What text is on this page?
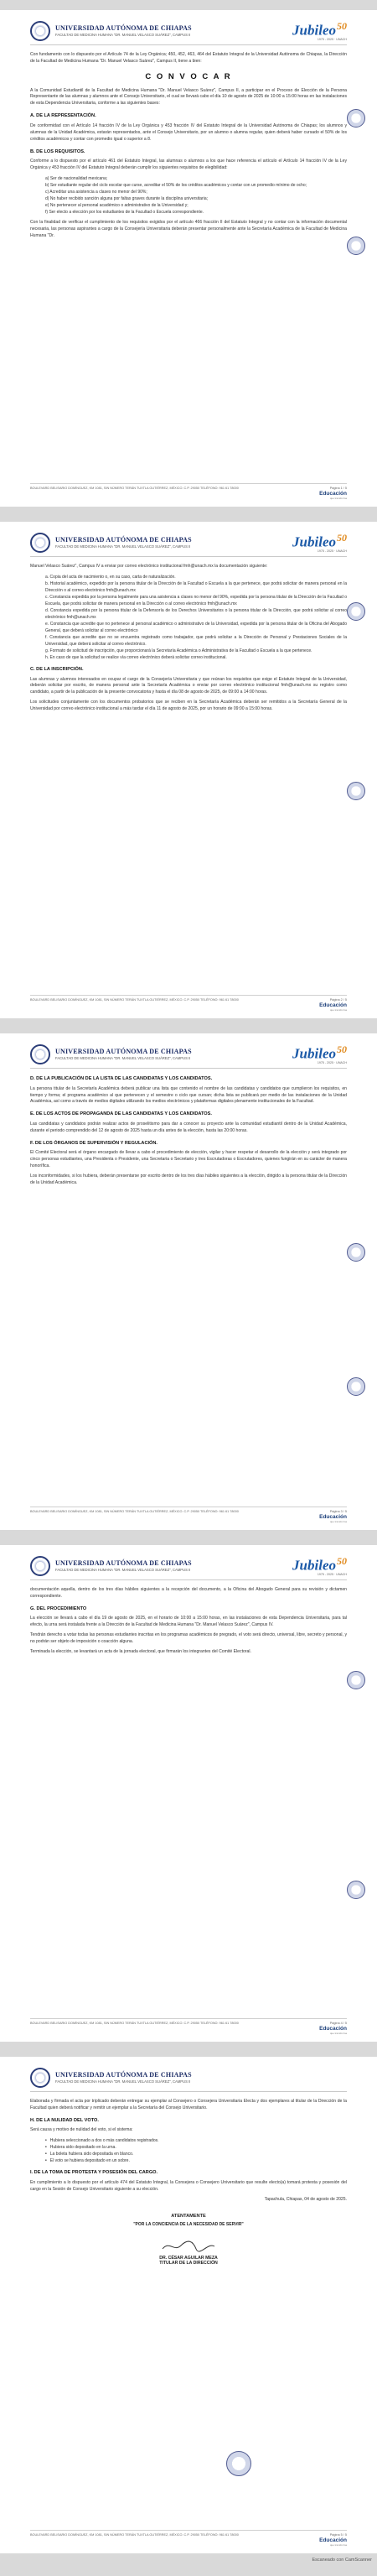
UNIVERSIDAD AUTÓNOMA DE CHIAPAS
FACULTAD DE MEDICINA HUMANA "DR. MANUEL VELASCO SUÁREZ", CAMPUS II	Jubileo$^{50}$
1975 - 2025 · UNACH

Con fundamento con lo dispuesto por el Artículo 74 de la Ley Orgánica; 450, 452, 463, 464 del Estatuto Integral de la Universidad Autónoma de Chiapas, la Dirección de la Facultad de Medicina Humana "Dr. Manuel Velasco Suárez", Campus II, tiene a bien:

C O N V O C A R

A la Comunidad Estudiantil de la Facultad de Medicina Humana "Dr. Manuel Velasco Suárez", Campus II, a participar en el Proceso de Elección de la Persona Representante de las alumnas y alumnos ante el Consejo Universitario, el cual se llevará cabo el día 10 de agosto de 2025 de 10:00 a 15:00 horas en las instalaciones de esta Dependencia Universitaria, conforme a las siguientes bases:

A. DE LA REPRESENTACIÓN.

De conformidad con el Artículo 14 fracción IV de la Ley Orgánica y 453 fracción IV del Estatuto Integral de la Universidad Autónoma de Chiapas; los alumnos y alumnas de la Unidad Académica, estarán representados, ante el Consejo Universitario, por un alumno o alumna regular, quien deberá haber cursado el 50% de los créditos académicos y contar con promedio igual o superior a 8.

B. DE LOS REQUISITOS.

Conforme a lo dispuesto por el artículo 461 del Estatuto Integral, las alumnas o alumnos a los que hace referencia el artículo el Artículo 14 fracción IV de la Ley Orgánica y 453 fracción IV del Estatuto Integral deberán cumplir los siguientes requisitos de elegibilidad:

a) Ser de nacionalidad mexicana;
b) Ser estudiante regular del ciclo escolar que curse, acreditar el 50% de los créditos académicos y contar con un promedio mínimo de ocho;
c) Acreditar una asistencia a clases no menor del 90%;
d) No haber recibido sanción alguna por faltas graves durante la disciplina universitaria;
e) No pertenecer al personal académico o administrativo de la Universidad y;
f) Ser electo a elección por los estudiantes de la Facultad o Escuela correspondiente.

Con la finalidad de verificar el cumplimiento de los requisitos exigidos por el artículo 466 fracción II del Estatuto Integral y no contar con la información documental necesaria, las personas aspirantes a cargo de la Consejería Universitaria deberán presentar personalmente ante la Secretaría Académica de la Facultad de Medicina Humana "Dr.

BOULEVARD BELISARIO DOMÍNGUEZ, KM 1081, SIN NÚMERO TERÁN TUXTLA GUTIÉRREZ, MÉXICO. C.P. 29050 TELÉFONO: 961 61 78000	Página 1 / 5
Educación
que transforma
UNIVERSIDAD AUTÓNOMA DE CHIAPAS
FACULTAD DE MEDICINA HUMANA "DR. MANUEL VELASCO SUÁREZ", CAMPUS II	Jubileo$^{50}$
1975 - 2025 · UNACH

Manuel Velasco Suárez", Campus IV a enviar por correo electrónico institucional fmh@unach.mx la documentación siguiente:

a. Copia del acta de nacimiento o, en su caso, carta de naturalización.
b. Historial académico, expedido por la persona titular de la Dirección de la Facultad o Escuela a la que pertenece, que podrá solicitar de manera personal en la Dirección o al correo electrónico fmh@unach.mx
c. Constancia expedida por la persona legalmente para una asistencia a clases no menor del 90%, expedida por la persona titular de la Dirección de la Facultad o Escuela, que podrá solicitar de manera personal en la Dirección o al correo electrónico fmh@unach.mx
d. Constancia expedida por la persona titular de la Defensoría de los Derechos Universitarios o la persona titular de la Dirección, que podrá solicitar al correo electrónico fmh@unach.mx
e. Constancia que acredite que no pertenece al personal académico o administrativo de la Universidad, expedida por la persona titular de la Oficina del Abogado General, que deberá solicitar al correo electrónico
f. Constancia que acredite que no se encuentra registrado como trabajador, que podrá solicitar a la Dirección de Personal y Prestaciones Sociales de la Universidad, que deberá solicitar al correo electrónico.
g. Formato de solicitud de inscripción, que proporcionará la Secretaría Académica o Administrativa de la Facultad o Escuela a la que pertenece.
h. En caso de que la solicitud se realice vía correo electrónico deberá solicitar correo institucional.
C. DE LA INSCRIPCIÓN.

Las alumnas y alumnos interesados en ocupar el cargo de la Consejería Universitaria y que reúnan los requisitos que exige el Estatuto Integral de la Universidad, deberán solicitar por escrito, de manera personal ante la Secretaría Académica o enviar por correo electrónico institucional fmh@unach.mx su registro como candidato, a partir de la publicación de la presente convocatoria y hasta el día 08 de agosto de 2025, de 09:00 a 14:00 horas.

Los solicitudes conjuntamente con los documentos probatorios que se reciben en la Secretaría Académica deberán ser remitidos a la Secretaría General de la Universidad por correo electrónico institucional a más tardar el día 11 de agosto de 2025, por un horario de 09:00 a 15:00 horas.

BOULEVARD BELISARIO DOMÍNGUEZ, KM 1081, SIN NÚMERO TERÁN TUXTLA GUTIÉRREZ, MÉXICO. C.P. 29050 TELÉFONO: 961 61 78000	Página 2 / 5
Educación
que transforma
UNIVERSIDAD AUTÓNOMA DE CHIAPAS
FACULTAD DE MEDICINA HUMANA "DR. MANUEL VELASCO SUÁREZ", CAMPUS II	Jubileo$^{50}$
1975 - 2025 · UNACH
D. DE LA PUBLICACIÓN DE LA LISTA DE LAS CANDIDATAS Y LOS CANDIDATOS.

La persona titular de la Secretaría Académica deberá publicar una lista que contenido el nombre de las candidatas y candidatos que cumplieron los requisitos, en tiempo y forma; el programa académico al que pertenecen y el semestre o ciclo que cursan; dicha lista se publicará por medio de las instalaciones de la Unidad Académica, así como a través de medios digitales utilizando los medios electrónicos y plataformas digitales plenamente institucionales de la Facultad.

E. DE LOS ACTOS DE PROPAGANDA DE LAS CANDIDATAS Y LOS CANDIDATOS.

Las candidatas y candidatos podrán realizar actos de proselitismo para dar a conocer su proyecto ante la comunidad estudiantil dentro de la Unidad Académica, durante el periodo comprendido del 12 de agosto de 2025 hasta un día antes de la elección, hasta las 20:00 horas.

F. DE LOS ÓRGANOS DE SUPERVISIÓN Y REGULACIÓN.

El Comité Electoral será el órgano encargado de llevar a cabo el procedimiento de elección, vigilar y hacer respetar el desarrollo de la elección y será integrado por cinco personas estudiantes, una Presidenta o Presidente, una Secretaria o Secretario y tres Escrutadoras o Escrutadores, quienes fungirán en su carácter de manera honorífica.

Los inconformidades, si los hubiera, deberán presentarse por escrito dentro de los tres días hábiles siguientes a la elección, dirigido a la persona titular de la Dirección de la Unidad Académica.

BOULEVARD BELISARIO DOMÍNGUEZ, KM 1081, SIN NÚMERO TERÁN TUXTLA GUTIÉRREZ, MÉXICO. C.P. 29050 TELÉFONO: 961 61 78000	Página 3 / 5
Educación
que transforma
UNIVERSIDAD AUTÓNOMA DE CHIAPAS
FACULTAD DE MEDICINA HUMANA "DR. MANUEL VELASCO SUÁREZ", CAMPUS II	Jubileo$^{50}$
1975 - 2025 · UNACH

documentación aquella, dentro de los tres días hábiles siguientes a la recepción del documento, a la Oficina del Abogado General para su revisión y dictamen correspondiente.

G. DEL PROCEDIMIENTO

La elección se llevará a cabo el día 19 de agosto de 2025, en el horario de 10:00 a 15:00 horas, en las instalaciones de esta Dependencia Universitaria, para tal efecto, la urna será instalada frente a la Dirección de la Facultad de Medicina Humana "Dr. Manuel Velasco Suárez", Campus IV.

Tendrán derecho a votar todas las personas estudiantes inscritas en los programas académicos de pregrado, el voto será directo, universal, libre, secreto y personal, y no podrán ser objeto de imposición o coacción alguna.

Terminada la elección, se levantará un acta de la jornada electoral, que firmarán los integrantes del Comité Electoral.

BOULEVARD BELISARIO DOMÍNGUEZ, KM 1081, SIN NÚMERO TERÁN TUXTLA GUTIÉRREZ, MÉXICO. C.P. 29050 TELÉFONO: 961 61 78000	Página 4 / 5
Educación
que transforma
UNIVERSIDAD AUTÓNOMA DE CHIAPAS
FACULTAD DE MEDICINA HUMANA "DR. MANUEL VELASCO SUÁREZ", CAMPUS II

Elaborada y firmada el acta por triplicado deberán entregar su ejemplar al Consejero o Consejera Universitaria Electa y dos ejemplares al titular de la Dirección de la Facultad quien deberá notificar y remitir un ejemplar a la Secretaría del Consejo Universitario.

H. DE LA NULIDAD DEL VOTO.

Será causa y motivo de nulidad del voto, si el sistema:

• Hubiera seleccionado a dos o más candidatos registrados.
• Hubiera sido depositado en la urna.
• La boleta hubiera sido depositada en blanco.
• El voto se hubiera depositado en un sobre.
I. DE LA TOMA DE PROTESTA Y POSESIÓN DEL CARGO.

En cumplimiento a lo dispuesto por el artículo 474 del Estatuto Integral, la Consejera o Consejero Universitario que resulte electo(a) tomará protesta y posesión del cargo en la Sesión de Consejo Universitario siguiente a su elección.

Tapachula, Chiapas, 04 de agosto de 2025.

ATENTAMENTE
"POR LA CONCIENCIA DE LA NECESIDAD DE SERVIR"
DR. CÉSAR AGUILAR MEZA
TITULAR DE LA DIRECCIÓN
BOULEVARD BELISARIO DOMÍNGUEZ, KM 1081, SIN NÚMERO TERÁN TUXTLA GUTIÉRREZ, MÉXICO. C.P. 29050 TELÉFONO: 961 61 78000	Página 5 / 5
Educación
que transforma
Escaneado con CamScanner
